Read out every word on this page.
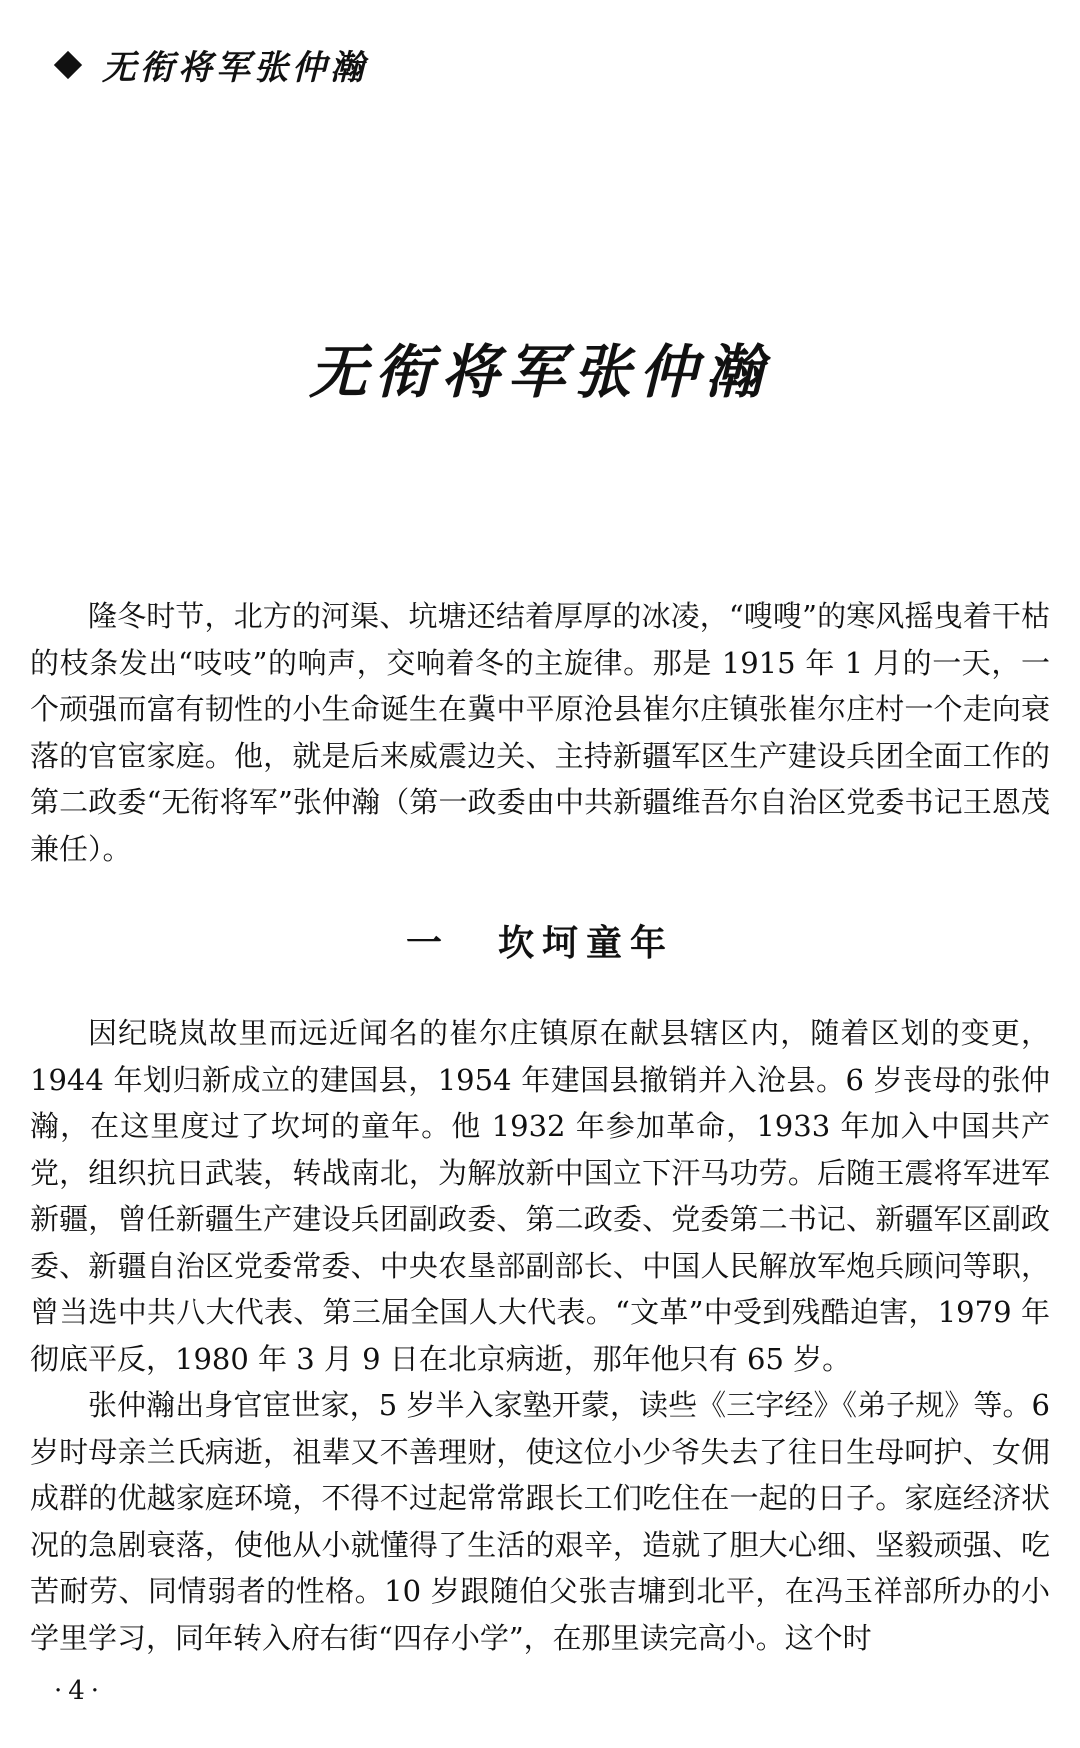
无衔将军张仲瀚
无衔将军张仲瀚

隆冬时节，北方的河渠、坑塘还结着厚厚的冰凌，“嗖嗖”的寒风摇曳着干枯的枝条发出“吱吱”的响声，交响着冬的主旋律。那是 1915 年 1 月的一天，一个顽强而富有韧性的小生命诞生在冀中平原沧县崔尔庄镇张崔尔庄村一个走向衰落的官宦家庭。他，就是后来威震边关、主持新疆军区生产建设兵团全面工作的第二政委“无衔将军”张仲瀚（第一政委由中共新疆维吾尔自治区党委书记王恩茂兼任）。

一 坎坷童年

因纪晓岚故里而远近闻名的崔尔庄镇原在献县辖区内，随着区划的变更，1944 年划归新成立的建国县，1954 年建国县撤销并入沧县。6 岁丧母的张仲瀚，在这里度过了坎坷的童年。他 1932 年参加革命，1933 年加入中国共产党，组织抗日武装，转战南北，为解放新中国立下汗马功劳。后随王震将军进军新疆，曾任新疆生产建设兵团副政委、第二政委、党委第二书记、新疆军区副政委、新疆自治区党委常委、中央农垦部副部长、中国人民解放军炮兵顾问等职，曾当选中共八大代表、第三届全国人大代表。“文革”中受到残酷迫害，1979 年彻底平反，1980 年 3 月 9 日在北京病逝，那年他只有 65 岁。

张仲瀚出身官宦世家，5 岁半入家塾开蒙，读些《三字经》《弟子规》等。6 岁时母亲兰氏病逝，祖辈又不善理财，使这位小少爷失去了往日生母呵护、女佣成群的优越家庭环境，不得不过起常常跟长工们吃住在一起的日子。家庭经济状况的急剧衰落，使他从小就懂得了生活的艰辛，造就了胆大心细、坚毅顽强、吃苦耐劳、同情弱者的性格。10 岁跟随伯父张吉墉到北平，在冯玉祥部所办的小学里学习，同年转入府右街“四存小学”，在那里读完高小。这个时

·4·
